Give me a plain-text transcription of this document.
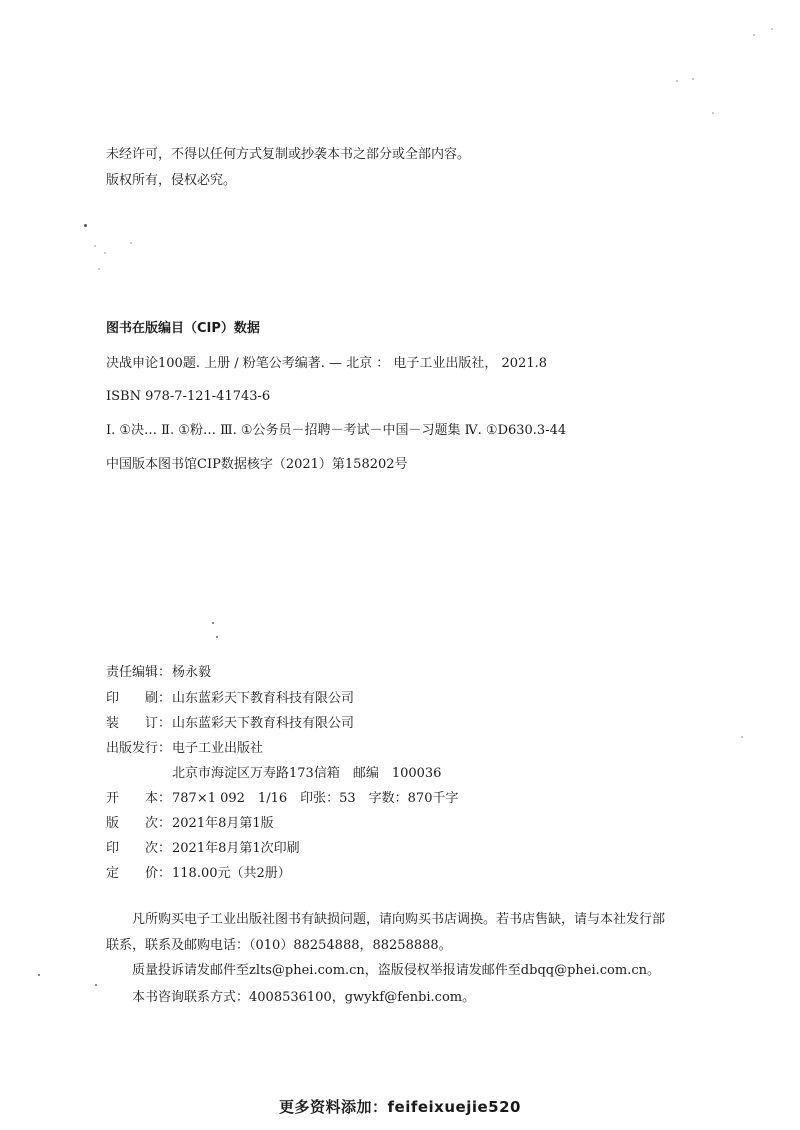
未经许可，不得以任何方式复制或抄袭本书之部分或全部内容。
版权所有，侵权必究。
图书在版编目（CIP）数据
决战申论100题. 上册 / 粉笔公考编著. — 北京 ： 电子工业出版社， 2021.8
ISBN 978-7-121-41743-6
Ⅰ. ①决… Ⅱ. ①粉… Ⅲ. ①公务员－招聘－考试－中国－习题集 Ⅳ. ①D630.3-44
中国版本图书馆CIP数据核字（2021）第158202号
责任编辑：杨永毅
印　　刷：山东蓝彩天下教育科技有限公司
装　　订：山东蓝彩天下教育科技有限公司
出版发行：电子工业出版社
北京市海淀区万寿路173信箱　邮编　100036
开　　本：787×1 092　1/16　印张：53　字数：870千字
版　　次：2021年8月第1版
印　　次：2021年8月第1次印刷
定　　价：118.00元（共2册）
凡所购买电子工业出版社图书有缺损问题，请向购买书店调换。若书店售缺，请与本社发行部
联系，联系及邮购电话：（010）88254888，88258888。
质量投诉请发邮件至zlts@phei.com.cn，盗版侵权举报请发邮件至dbqq@phei.com.cn。
本书咨询联系方式：4008536100，gwykf@fenbi.com。
更多资料添加：feifeixuejie520
